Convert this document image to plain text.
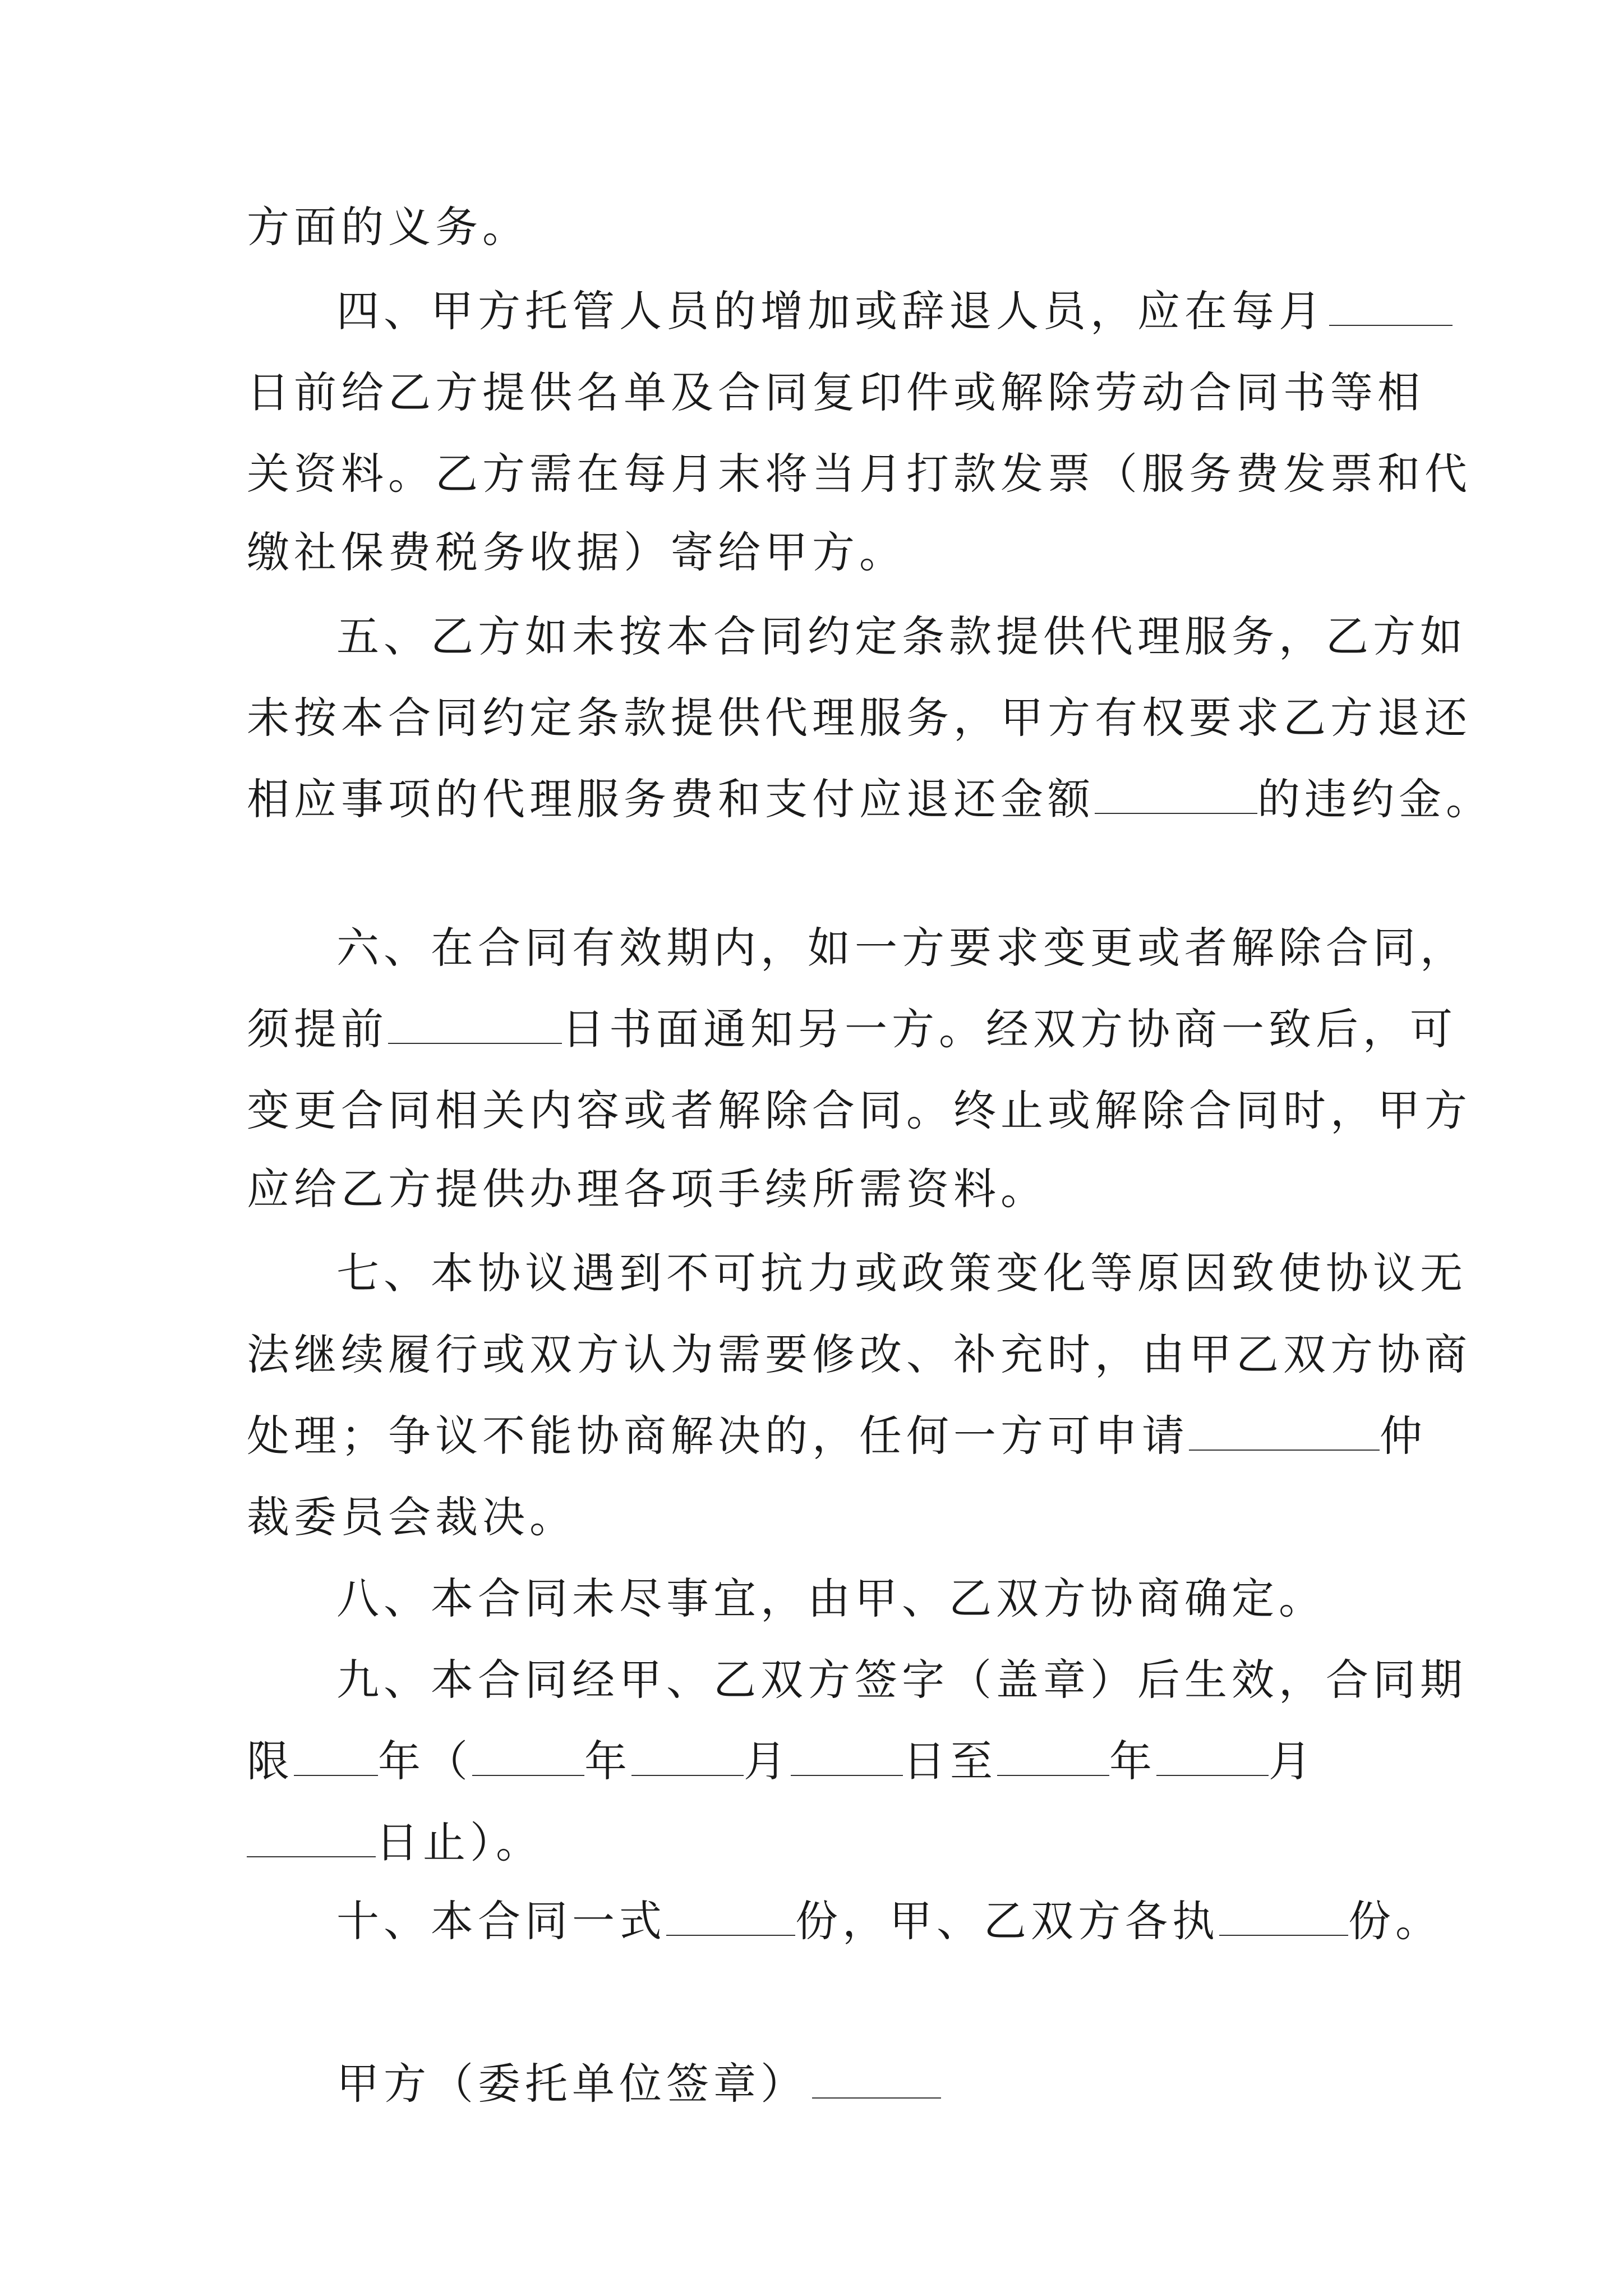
方面的义务。

四、甲方托管人员的增加或辞退人员，应在每月

日前给乙方提供名单及合同复印件或解除劳动合同书等相

关资料。乙方需在每月末将当月打款发票（服务费发票和代

缴社保费税务收据）寄给甲方。

五、乙方如未按本合同约定条款提供代理服务，乙方如

未按本合同约定条款提供代理服务，甲方有权要求乙方退还

相应事项的代理服务费和支付应退还金额	的违约金。

六、在合同有效期内，如一方要求变更或者解除合同，

须提前	日书面通知另一方。经双方协商一致后，可

变更合同相关内容或者解除合同。终止或解除合同时，甲方

应给乙方提供办理各项手续所需资料。

七、本协议遇到不可抗力或政策变化等原因致使协议无

法继续履行或双方认为需要修改、补充时，由甲乙双方协商

处理；争议不能协商解决的，任何一方可申请	仲

裁委员会裁决。

八、本合同未尽事宜，由甲、乙双方协商确定。

九、本合同经甲、乙双方签字（盖章）后生效，合同期

限 年（	年	月	日至	年	月

日止）。

十、本合同一式	份，甲、乙双方各执	份。

甲方（委托单位签章）
